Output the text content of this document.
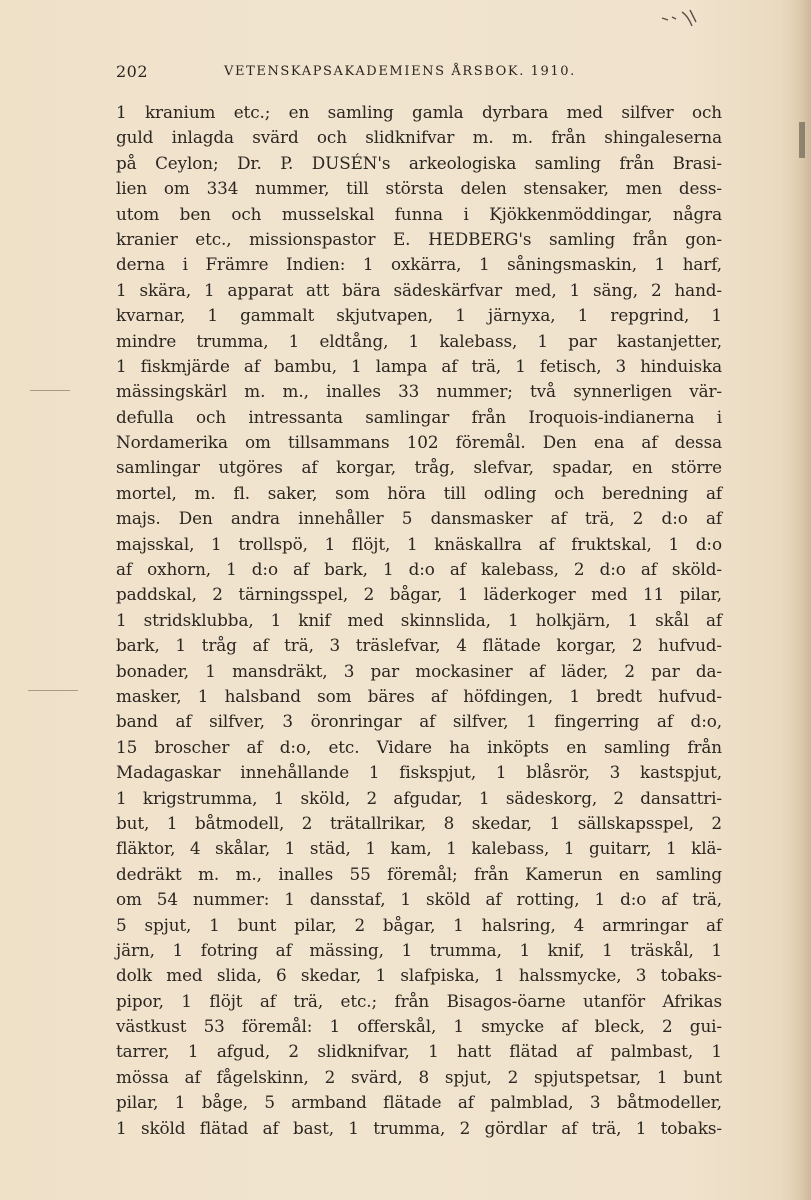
202	VETENSKAPSAKADEMIENS ÅRSBOK. 1910.
1 kranium etc.; en samling gamla dyrbara med silfver och
guld inlagda svärd och slidknifvar m. m. från shingaleserna
på Ceylon; Dr. P. DUSÉN's arkeologiska samling från Brasi-
lien om 334 nummer, till största delen stensaker, men dess-
utom ben och musselskal funna i Kjökkenmöddingar, några
kranier etc., missionspastor E. HEDBERG's samling från gon-
derna i Främre Indien: 1 oxkärra, 1 såningsmaskin, 1 harf,
1 skära, 1 apparat att bära sädeskärfvar med, 1 säng, 2 hand-
kvarnar, 1 gammalt skjutvapen, 1 järnyxa, 1 repgrind, 1
mindre trumma, 1 eldtång, 1 kalebass, 1 par kastanjetter,
1 fiskmjärde af bambu, 1 lampa af trä, 1 fetisch, 3 hinduiska
mässingskärl m. m., inalles 33 nummer; två synnerligen vär-
defulla och intressanta samlingar från Iroquois-indianerna i
Nordamerika om tillsammans 102 föremål. Den ena af dessa
samlingar utgöres af korgar, tråg, slefvar, spadar, en större
mortel, m. fl. saker, som höra till odling och beredning af
majs. Den andra innehåller 5 dansmasker af trä, 2 d:o af
majsskal, 1 trollspö, 1 flöjt, 1 knäskallra af fruktskal, 1 d:o
af oxhorn, 1 d:o af bark, 1 d:o af kalebass, 2 d:o af sköld-
paddskal, 2 tärningsspel, 2 bågar, 1 läderkoger med 11 pilar,
1 stridsklubba, 1 knif med skinnslida, 1 holkjärn, 1 skål af
bark, 1 tråg af trä, 3 träslefvar, 4 flätade korgar, 2 hufvud-
bonader, 1 mansdräkt, 3 par mockasiner af läder, 2 par da-
masker, 1 halsband som bäres af höfdingen, 1 bredt hufvud-
band af silfver, 3 öronringar af silfver, 1 fingerring af d:o,
15 broscher af d:o, etc. Vidare ha inköpts en samling från
Madagaskar innehållande 1 fiskspjut, 1 blåsrör, 3 kastspjut,
1 krigstrumma, 1 sköld, 2 afgudar, 1 sädeskorg, 2 dansattri-
but, 1 båtmodell, 2 trätallrikar, 8 skedar, 1 sällskapsspel, 2
fläktor, 4 skålar, 1 städ, 1 kam, 1 kalebass, 1 guitarr, 1 klä-
dedräkt m. m., inalles 55 föremål; från Kamerun en samling
om 54 nummer: 1 dansstaf, 1 sköld af rotting, 1 d:o af trä,
5 spjut, 1 bunt pilar, 2 bågar, 1 halsring, 4 armringar af
järn, 1 fotring af mässing, 1 trumma, 1 knif, 1 träskål, 1
dolk med slida, 6 skedar, 1 slafpiska, 1 halssmycke, 3 tobaks-
pipor, 1 flöjt af trä, etc.; från Bisagos-öarne utanför Afrikas
västkust 53 föremål: 1 offerskål, 1 smycke af bleck, 2 gui-
tarrer, 1 afgud, 2 slidknifvar, 1 hatt flätad af palmbast, 1
mössa af fågelskinn, 2 svärd, 8 spjut, 2 spjutspetsar, 1 bunt
pilar, 1 båge, 5 armband flätade af palmblad, 3 båtmodeller,
1 sköld flätad af bast, 1 trumma, 2 gördlar af trä, 1 tobaks-
